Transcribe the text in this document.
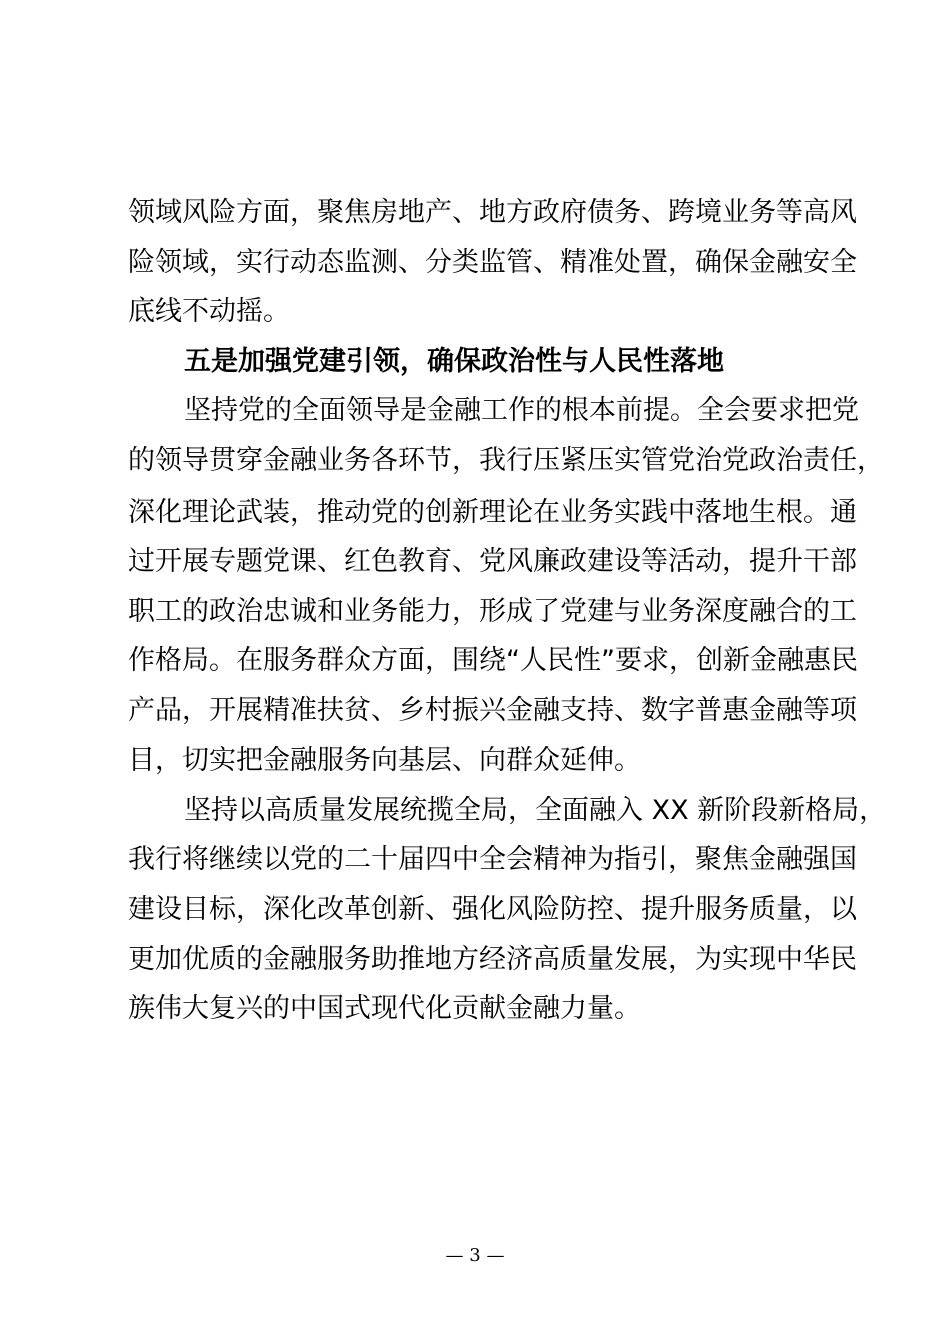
领域风险方面，聚焦房地产、地方政府债务、跨境业务等高风
险领域，实行动态监测、分类监管、精准处置，确保金融安全
底线不动摇。
五是加强党建引领，确保政治性与人民性落地
坚持党的全面领导是金融工作的根本前提。全会要求把党
的领导贯穿金融业务各环节，我行压紧压实管党治党政治责任，
深化理论武装，推动党的创新理论在业务实践中落地生根。通
过开展专题党课、红色教育、党风廉政建设等活动，提升干部
职工的政治忠诚和业务能力，形成了党建与业务深度融合的工
作格局。在服务群众方面，围绕“人民性”要求，创新金融惠民
产品，开展精准扶贫、乡村振兴金融支持、数字普惠金融等项
目，切实把金融服务向基层、向群众延伸。
坚持以高质量发展统揽全局，全面融入 XX 新阶段新格局，
我行将继续以党的二十届四中全会精神为指引，聚焦金融强国
建设目标，深化改革创新、强化风险防控、提升服务质量，以
更加优质的金融服务助推地方经济高质量发展，为实现中华民
族伟大复兴的中国式现代化贡献金融力量。
— 3 —
